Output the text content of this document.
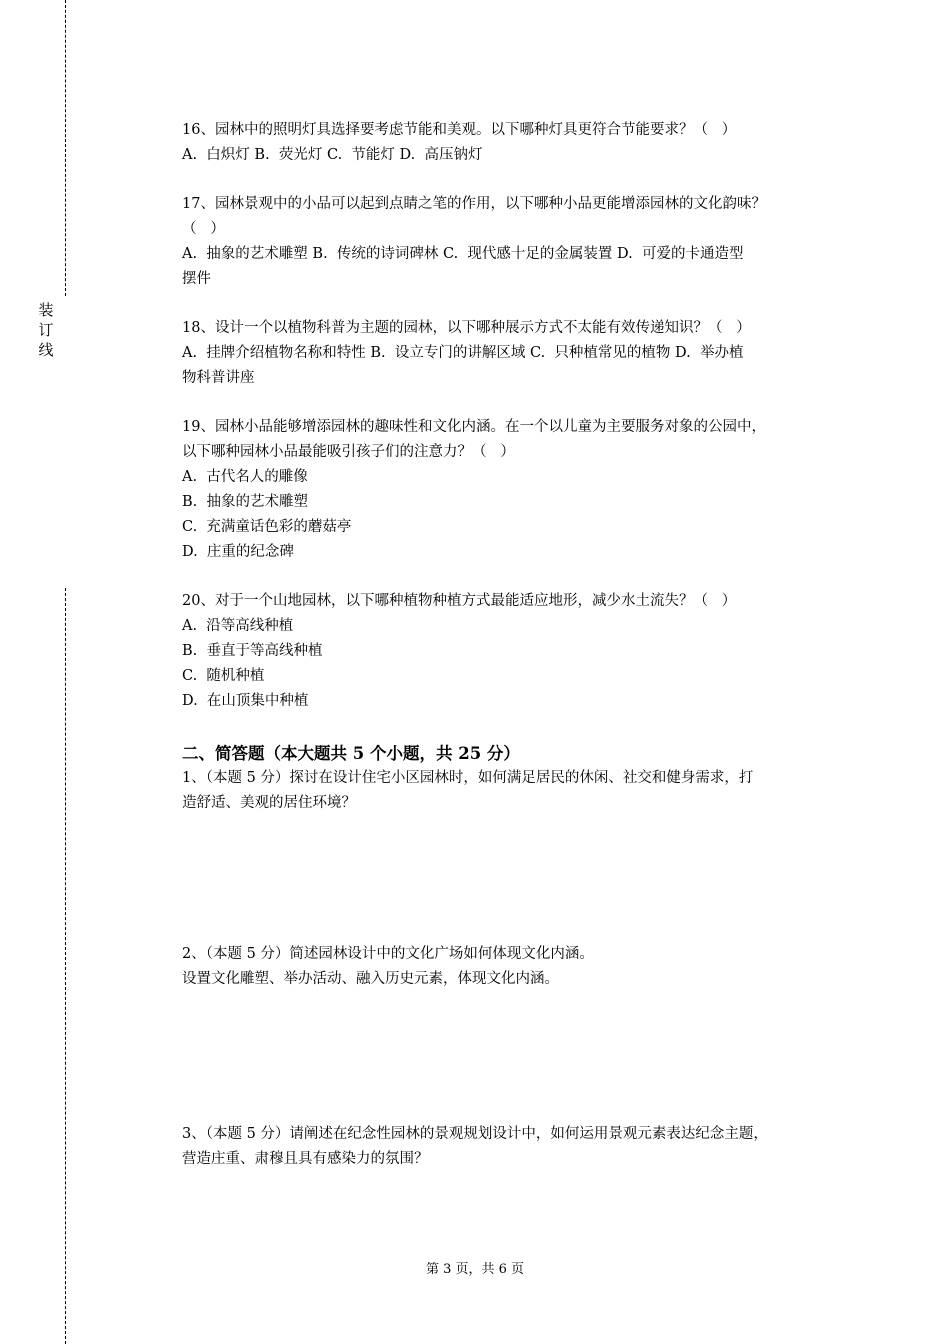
装
订
线
16、园林中的照明灯具选择要考虑节能和美观。以下哪种灯具更符合节能要求？（   ）
A.  白炽灯 B.  荧光灯 C.  节能灯 D.  高压钠灯
17、园林景观中的小品可以起到点睛之笔的作用，以下哪种小品更能增添园林的文化韵味？
（   ）
A.  抽象的艺术雕塑 B.  传统的诗词碑林 C.  现代感十足的金属装置 D.  可爱的卡通造型
摆件
18、设计一个以植物科普为主题的园林，以下哪种展示方式不太能有效传递知识？（   ）
A.  挂牌介绍植物名称和特性 B.  设立专门的讲解区域 C.  只种植常见的植物 D.  举办植
物科普讲座
19、园林小品能够增添园林的趣味性和文化内涵。在一个以儿童为主要服务对象的公园中，
以下哪种园林小品最能吸引孩子们的注意力？（   ）
A.  古代名人的雕像
B.  抽象的艺术雕塑
C.  充满童话色彩的蘑菇亭
D.  庄重的纪念碑
20、对于一个山地园林，以下哪种植物种植方式最能适应地形，减少水土流失？（   ）
A.  沿等高线种植
B.  垂直于等高线种植
C.  随机种植
D.  在山顶集中种植
二、简答题（本大题共 5 个小题，共 25 分）
1、（本题 5 分）探讨在设计住宅小区园林时，如何满足居民的休闲、社交和健身需求，打
造舒适、美观的居住环境？
2、（本题 5 分）简述园林设计中的文化广场如何体现文化内涵。
设置文化雕塑、举办活动、融入历史元素，体现文化内涵。
3、（本题 5 分）请阐述在纪念性园林的景观规划设计中，如何运用景观元素表达纪念主题，
营造庄重、肃穆且具有感染力的氛围？
第 3 页，共 6 页
